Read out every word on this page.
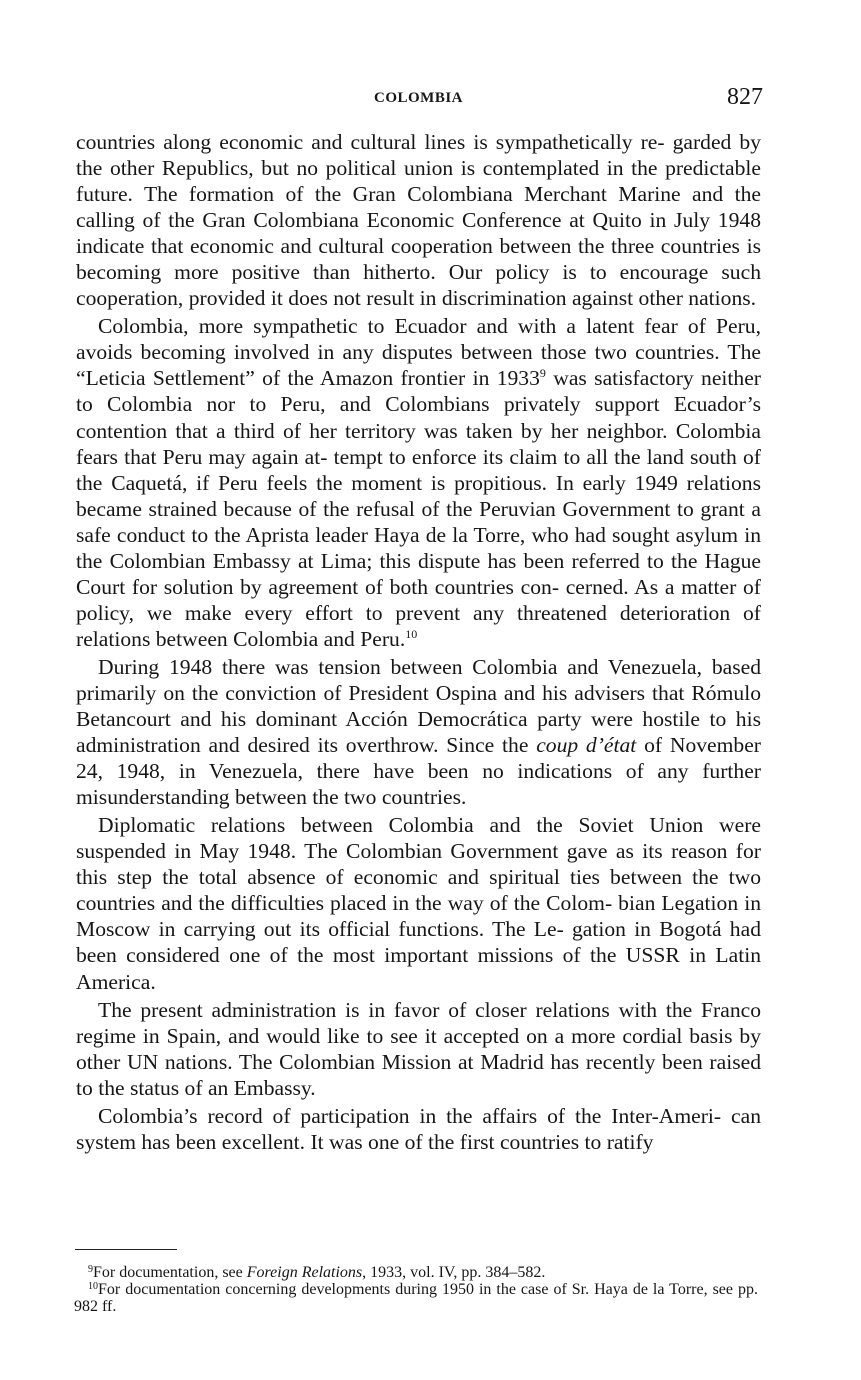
COLOMBIA	827

countries along economic and cultural lines is sympathetically re- garded by the other Republics, but no political union is contemplated in the predictable future. The formation of the Gran Colombiana Merchant Marine and the calling of the Gran Colombiana Economic Conference at Quito in July 1948 indicate that economic and cultural cooperation between the three countries is becoming more positive than hitherto. Our policy is to encourage such cooperation, provided it does not result in discrimination against other nations.

Colombia, more sympathetic to Ecuador and with a latent fear of Peru, avoids becoming involved in any disputes between those two countries. The “Leticia Settlement” of the Amazon frontier in 1933$^9$ was satisfactory neither to Colombia nor to Peru, and Colombians privately support Ecuador’s contention that a third of her territory was taken by her neighbor. Colombia fears that Peru may again at- tempt to enforce its claim to all the land south of the Caquetá, if Peru feels the moment is propitious. In early 1949 relations became strained because of the refusal of the Peruvian Government to grant a safe conduct to the Aprista leader Haya de la Torre, who had sought asylum in the Colombian Embassy at Lima; this dispute has been referred to the Hague Court for solution by agreement of both countries con- cerned. As a matter of policy, we make every effort to prevent any threatened deterioration of relations between Colombia and Peru.$^{10}$

During 1948 there was tension between Colombia and Venezuela, based primarily on the conviction of President Ospina and his advisers that Rómulo Betancourt and his dominant Acción Democrática party were hostile to his administration and desired its overthrow. Since the coup d’état of November 24, 1948, in Venezuela, there have been no indications of any further misunderstanding between the two countries.

Diplomatic relations between Colombia and the Soviet Union were suspended in May 1948. The Colombian Government gave as its reason for this step the total absence of economic and spiritual ties between the two countries and the difficulties placed in the way of the Colom- bian Legation in Moscow in carrying out its official functions. The Le- gation in Bogotá had been considered one of the most important missions of the USSR in Latin America.

The present administration is in favor of closer relations with the Franco regime in Spain, and would like to see it accepted on a more cordial basis by other UN nations. The Colombian Mission at Madrid has recently been raised to the status of an Embassy.

Colombia’s record of participation in the affairs of the Inter-Ameri- can system has been excellent. It was one of the first countries to ratify

$^9$For documentation, see Foreign Relations, 1933, vol. IV, pp. 384–582.

$^{10}$For documentation concerning developments during 1950 in the case of Sr. Haya de la Torre, see pp. 982 ff.
